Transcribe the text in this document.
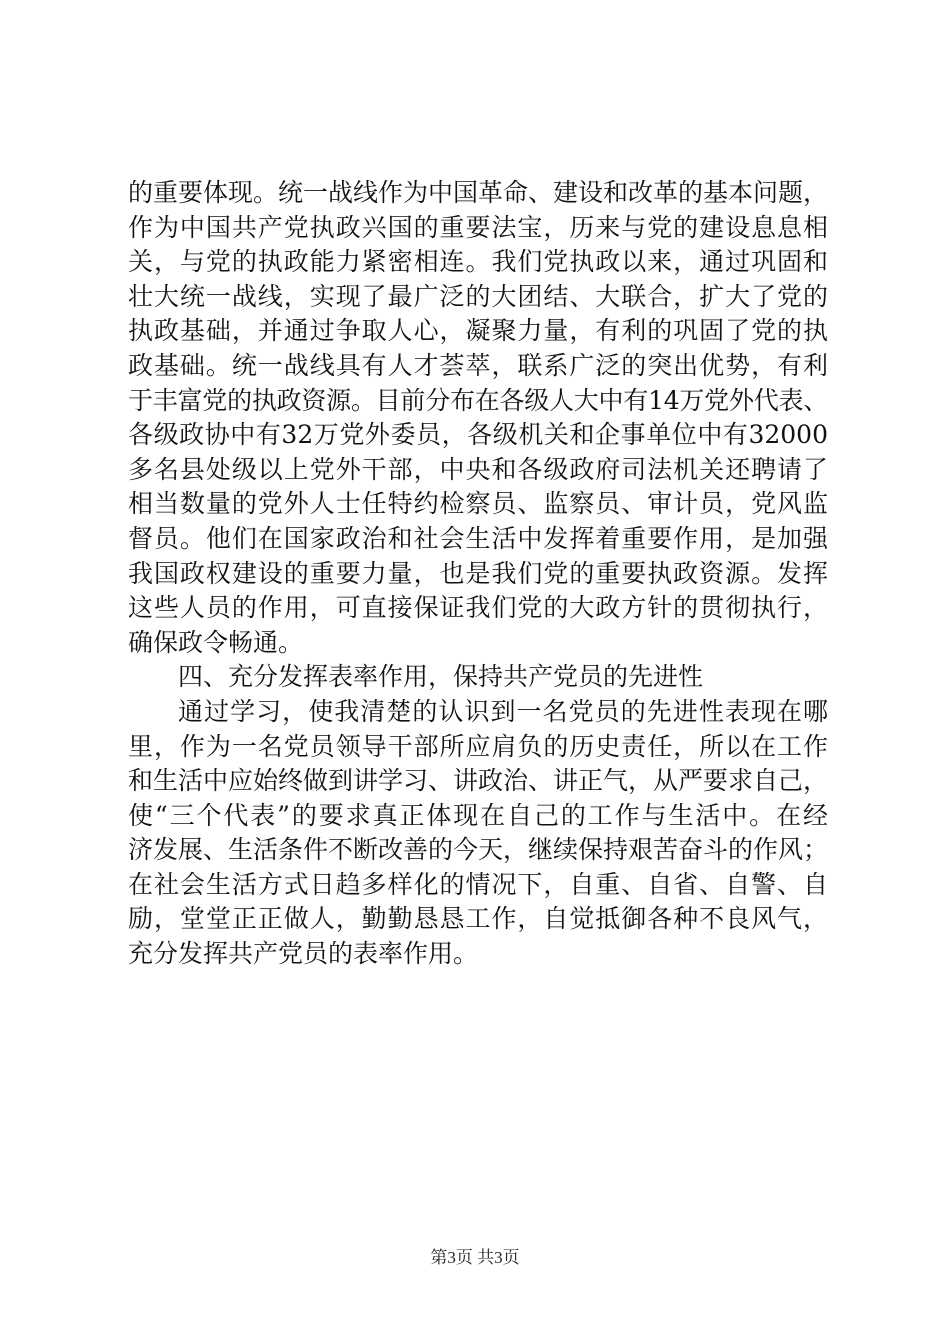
的重要体现。统一战线作为中国革命、建设和改革的基本问题，
作为中国共产党执政兴国的重要法宝，历来与党的建设息息相
关，与党的执政能力紧密相连。我们党执政以来，通过巩固和
壮大统一战线，实现了最广泛的大团结、大联合，扩大了党的
执政基础，并通过争取人心，凝聚力量，有利的巩固了党的执
政基础。统一战线具有人才荟萃，联系广泛的突出优势，有利
于丰富党的执政资源。目前分布在各级人大中有14万党外代表、
各级政协中有32万党外委员，各级机关和企事单位中有32000
多名县处级以上党外干部，中央和各级政府司法机关还聘请了
相当数量的党外人士任特约检察员、监察员、审计员，党风监
督员。他们在国家政治和社会生活中发挥着重要作用，是加强
我国政权建设的重要力量，也是我们党的重要执政资源。发挥
这些人员的作用，可直接保证我们党的大政方针的贯彻执行，
确保政令畅通。
四、充分发挥表率作用，保持共产党员的先进性
通过学习，使我清楚的认识到一名党员的先进性表现在哪
里，作为一名党员领导干部所应肩负的历史责任，所以在工作
和生活中应始终做到讲学习、讲政治、讲正气，从严要求自己，
使“三个代表”的要求真正体现在自己的工作与生活中。在经
济发展、生活条件不断改善的今天，继续保持艰苦奋斗的作风；
在社会生活方式日趋多样化的情况下，自重、自省、自警、自
励，堂堂正正做人，勤勤恳恳工作，自觉抵御各种不良风气，
充分发挥共产党员的表率作用。
第3页 共3页
